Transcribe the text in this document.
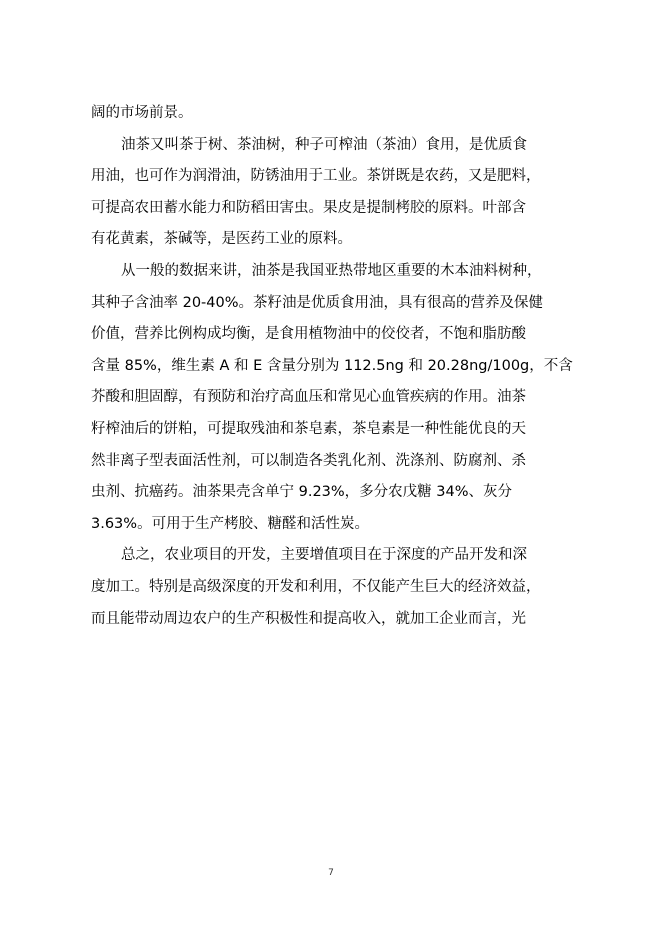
阔的市场前景。
油茶又叫茶于树、茶油树，种子可榨油（茶油）食用，是优质食
用油，也可作为润滑油，防锈油用于工业。茶饼既是农药，又是肥料，
可提高农田蓄水能力和防稻田害虫。果皮是提制栲胶的原料。叶部含
有花黄素，茶碱等，是医药工业的原料。
从一般的数据来讲，油茶是我国亚热带地区重要的木本油料树种，
其种子含油率 20-40%。茶籽油是优质食用油，具有很高的营养及保健
价值，营养比例构成均衡，是食用植物油中的佼佼者，不饱和脂肪酸
含量 85%，维生素 A 和 E 含量分别为 112.5ng 和 20.28ng/100g，不含
芥酸和胆固醇，有预防和治疗高血压和常见心血管疾病的作用。油茶
籽榨油后的饼粕，可提取残油和茶皂素，茶皂素是一种性能优良的天
然非离子型表面活性剂，可以制造各类乳化剂、洗涤剂、防腐剂、杀
虫剂、抗癌药。油茶果壳含单宁 9.23%，多分农戊糖 34%、灰分
3.63%。可用于生产栲胶、糖醛和活性炭。
总之，农业项目的开发，主要增值项目在于深度的产品开发和深
度加工。特别是高级深度的开发和利用，不仅能产生巨大的经济效益，
而且能带动周边农户的生产积极性和提高收入，就加工企业而言，光
7
